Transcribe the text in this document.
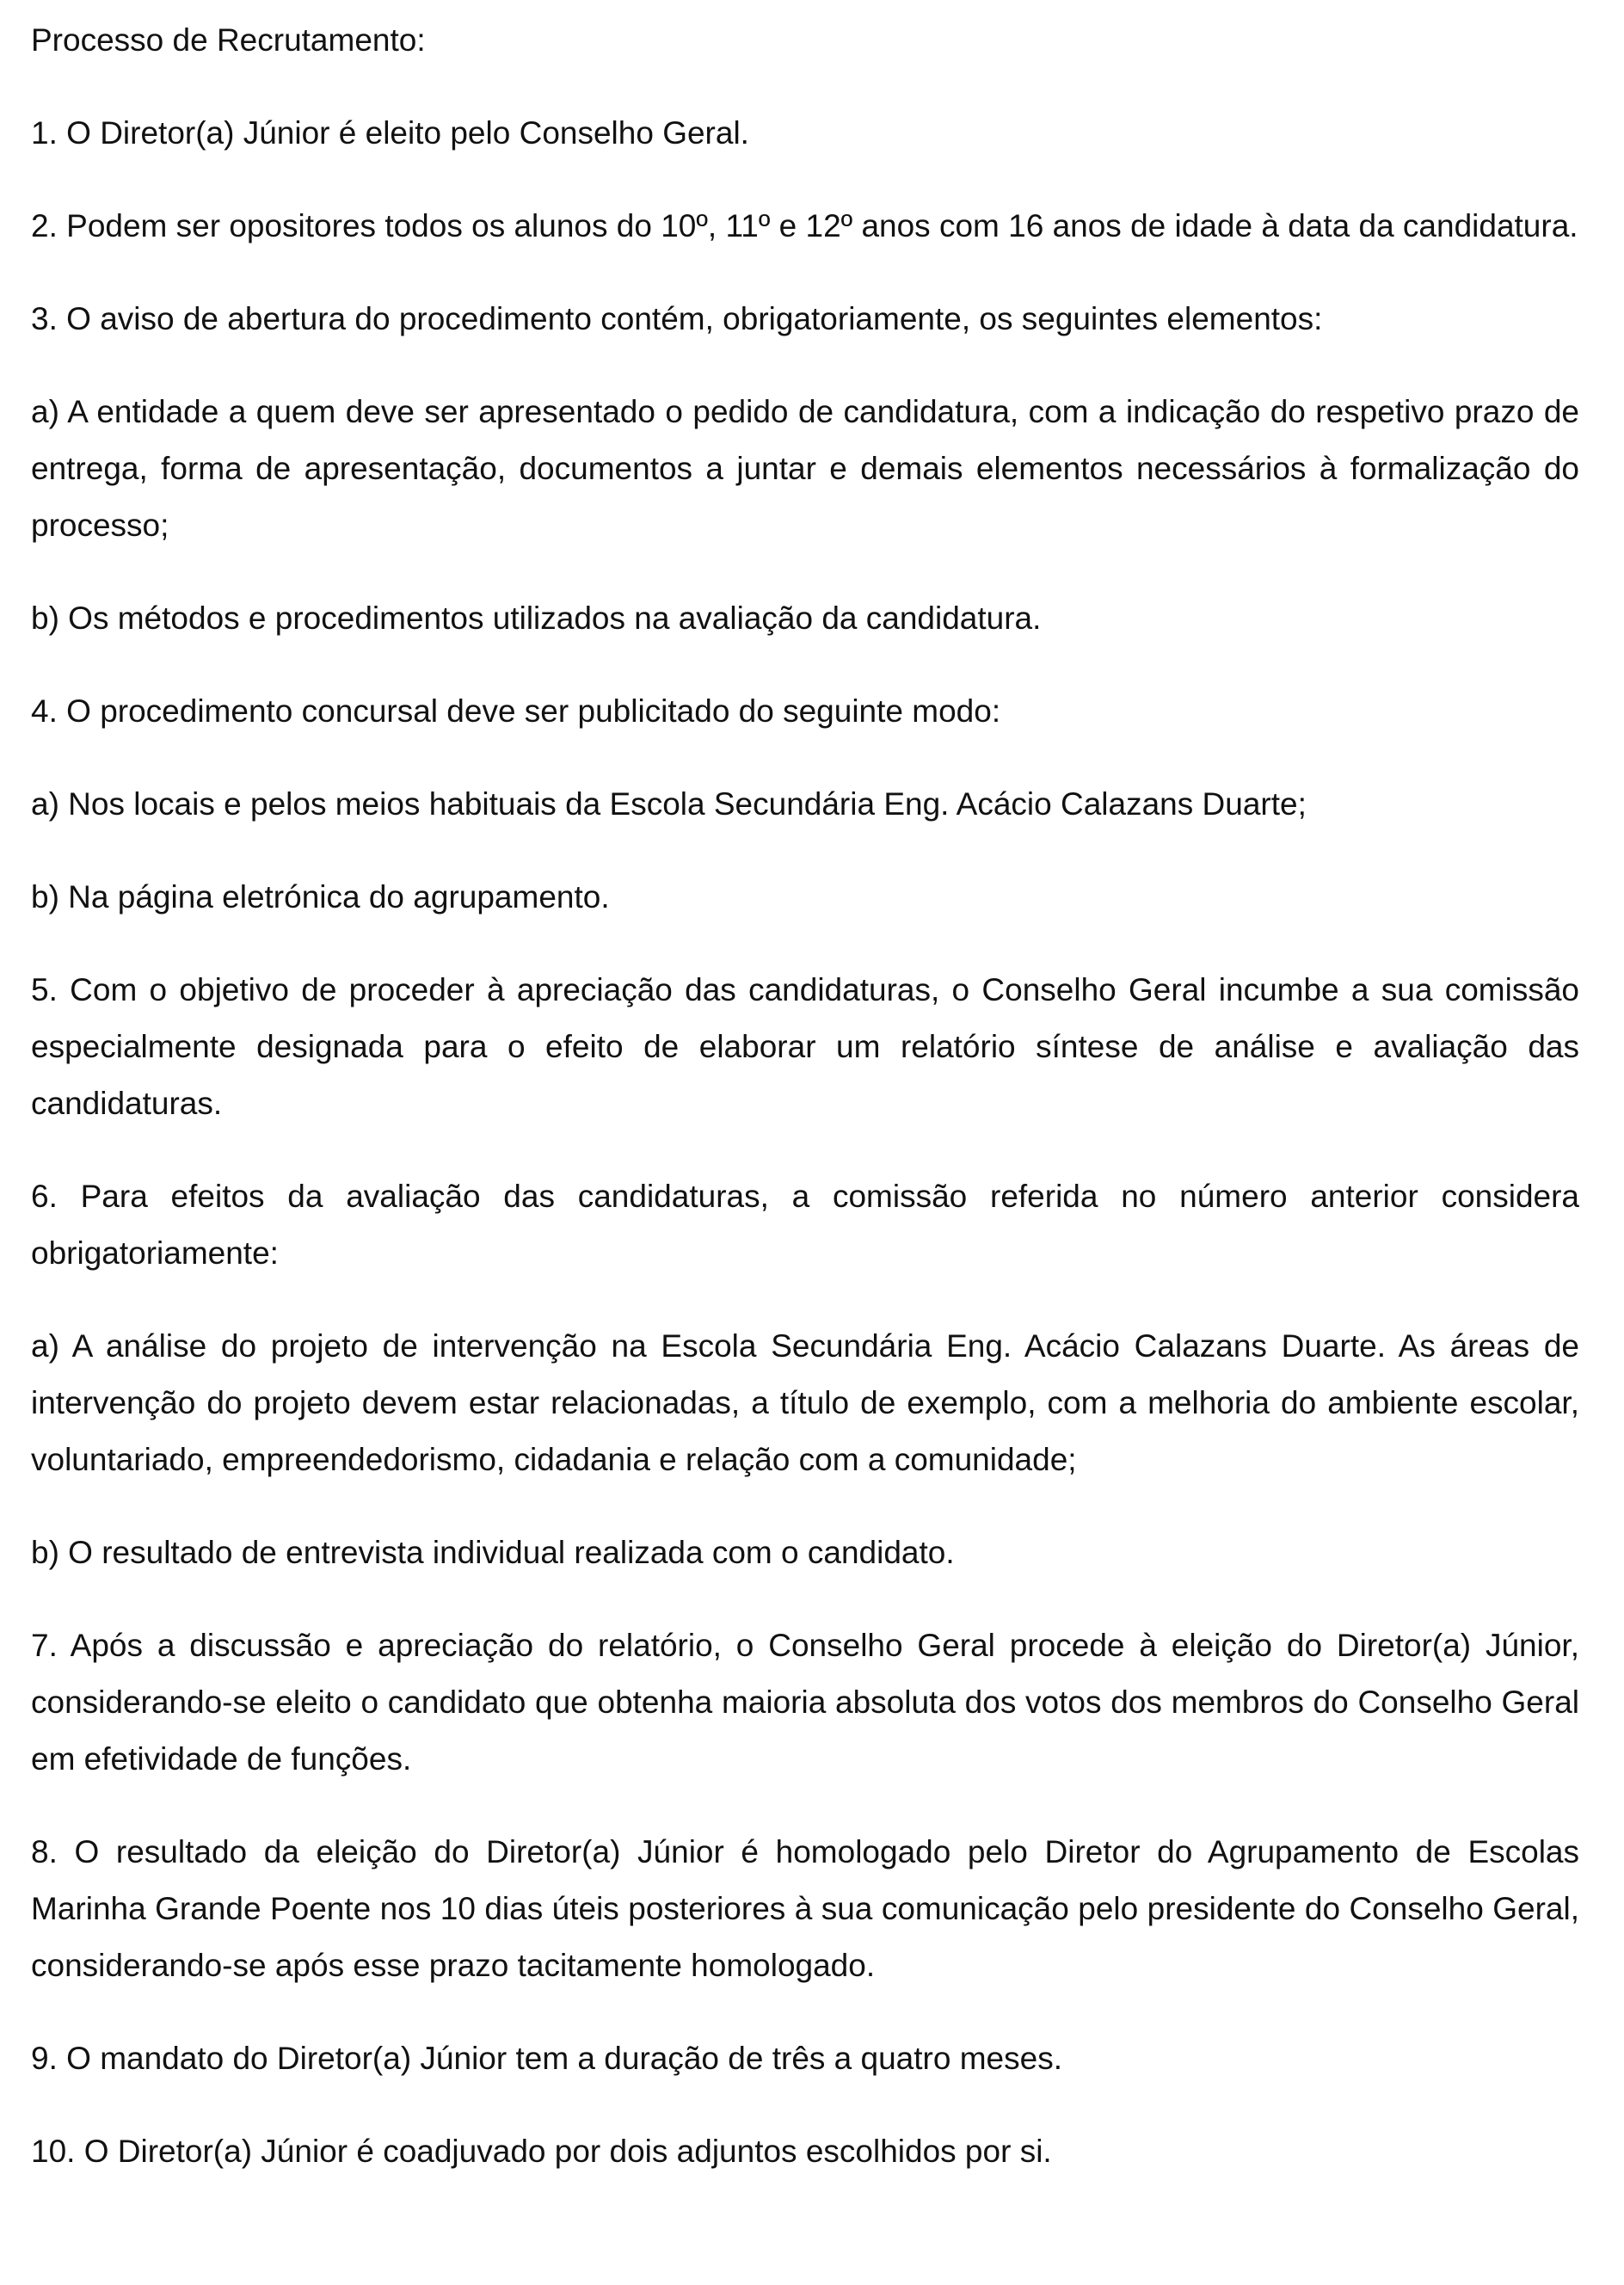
Processo de Recrutamento:

1. O Diretor(a) Júnior é eleito pelo Conselho Geral.

2. Podem ser opositores todos os alunos do 10º, 11º e 12º anos com 16 anos de idade à data da candidatura.

3. O aviso de abertura do procedimento contém, obrigatoriamente, os seguintes elementos:

a) A entidade a quem deve ser apresentado o pedido de candidatura, com a indicação do respetivo prazo de entrega, forma de apresentação, documentos a juntar e demais elementos necessários à formalização do processo;

b) Os métodos e procedimentos utilizados na avaliação da candidatura.

4. O procedimento concursal deve ser publicitado do seguinte modo:

a) Nos locais e pelos meios habituais da Escola Secundária Eng. Acácio Calazans Duarte;

b) Na página eletrónica do agrupamento.

5. Com o objetivo de proceder à apreciação das candidaturas, o Conselho Geral incumbe a sua comissão especialmente designada para o efeito de elaborar um relatório síntese de análise e avaliação das candidaturas.

6. Para efeitos da avaliação das candidaturas, a comissão referida no número anterior considera obrigatoriamente:

a) A análise do projeto de intervenção na Escola Secundária Eng. Acácio Calazans Duarte. As áreas de intervenção do projeto devem estar relacionadas, a título de exemplo, com a melhoria do ambiente escolar, voluntariado, empreendedorismo, cidadania e relação com a comunidade;

b) O resultado de entrevista individual realizada com o candidato.

7. Após a discussão e apreciação do relatório, o Conselho Geral procede à eleição do Diretor(a) Júnior, considerando-se eleito o candidato que obtenha maioria absoluta dos votos dos membros do Conselho Geral em efetividade de funções.

8. O resultado da eleição do Diretor(a) Júnior é homologado pelo Diretor do Agrupamento de Escolas Marinha Grande Poente nos 10 dias úteis posteriores à sua comunicação pelo presidente do Conselho Geral, considerando-se após esse prazo tacitamente homologado.

9. O mandato do Diretor(a) Júnior tem a duração de três a quatro meses.

10. O Diretor(a) Júnior é coadjuvado por dois adjuntos escolhidos por si.
